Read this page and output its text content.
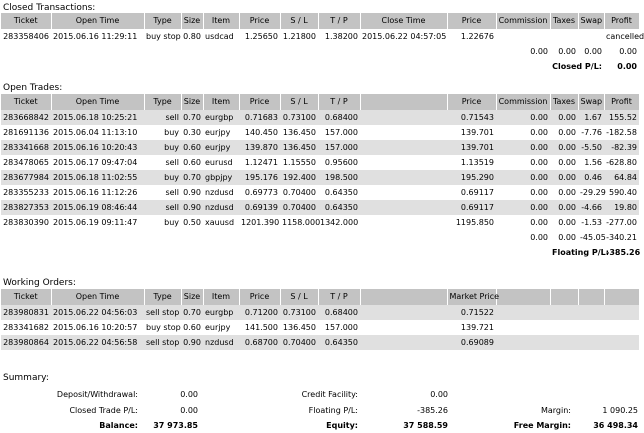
Closed Transactions:
Ticket	Open Time	Type	Size	Item	Price	S / L	T / P	Close Time	Price	Commission	Taxes	Swap	Profit
283358406	2015.06.16 11:29:11	buy stop	0.80	usdcad	1.25650	1.21800	1.38200	2015.06.22 04:57:05	1.22676				cancelled
										0.00	0.00	0.00	0.00
											Closed P/L:		0.00
Open Trades:
Ticket	Open Time	Type	Size	Item	Price	S / L	T / P		Price	Commission	Taxes	Swap	Profit
283668842	2015.06.18 10:25:21	sell	0.70	eurgbp	0.71683	0.73100	0.68400		0.71543	0.00	0.00	1.67	155.52
281691136	2015.06.04 11:13:10	buy	0.30	eurjpy	140.450	136.450	157.000		139.701	0.00	0.00	-7.76	-182.58
283341668	2015.06.16 10:20:43	buy	0.60	eurjpy	139.870	136.450	157.000		139.701	0.00	0.00	-5.50	-82.39
283478065	2015.06.17 09:47:04	sell	0.60	eurusd	1.12471	1.15550	0.95600		1.13519	0.00	0.00	1.56	-628.80
283677984	2015.06.18 11:02:55	buy	0.70	gbpjpy	195.176	192.400	198.500		195.290	0.00	0.00	0.46	64.84
283355233	2015.06.16 11:12:26	sell	0.90	nzdusd	0.69773	0.70400	0.64350		0.69117	0.00	0.00	-29.29	590.40
283827353	2015.06.19 08:46:44	sell	0.90	nzdusd	0.69139	0.70400	0.64350		0.69117	0.00	0.00	-4.66	19.80
283830390	2015.06.19 09:11:47	buy	0.50	xauusd	1201.390	1158.000	1342.000		1195.850	0.00	0.00	-1.53	-277.00
										0.00	0.00	-45.05	-340.21
											Floating P/L:		-385.26
Working Orders:
Ticket	Open Time	Type	Size	Item	Price	S / L	T / P		Market Price				
283980831	2015.06.22 04:56:03	sell stop	0.70	eurgbp	0.71200	0.73100	0.68400		0.71522				
283341682	2015.06.16 10:20:57	buy stop	0.60	eurjpy	141.500	136.450	157.000		139.721				
283980864	2015.06.22 04:56:58	sell stop	0.90	nzdusd	0.68700	0.70400	0.64350		0.69089				
Summary:
Deposit/Withdrawal:	0.00	Credit Facility:	0.00
Closed Trade P/L:	0.00	Floating P/L:	-385.26	Margin:	1 090.25
Balance: 37 973.85	Equity:	37 588.59	Free Margin:	36 498.34
